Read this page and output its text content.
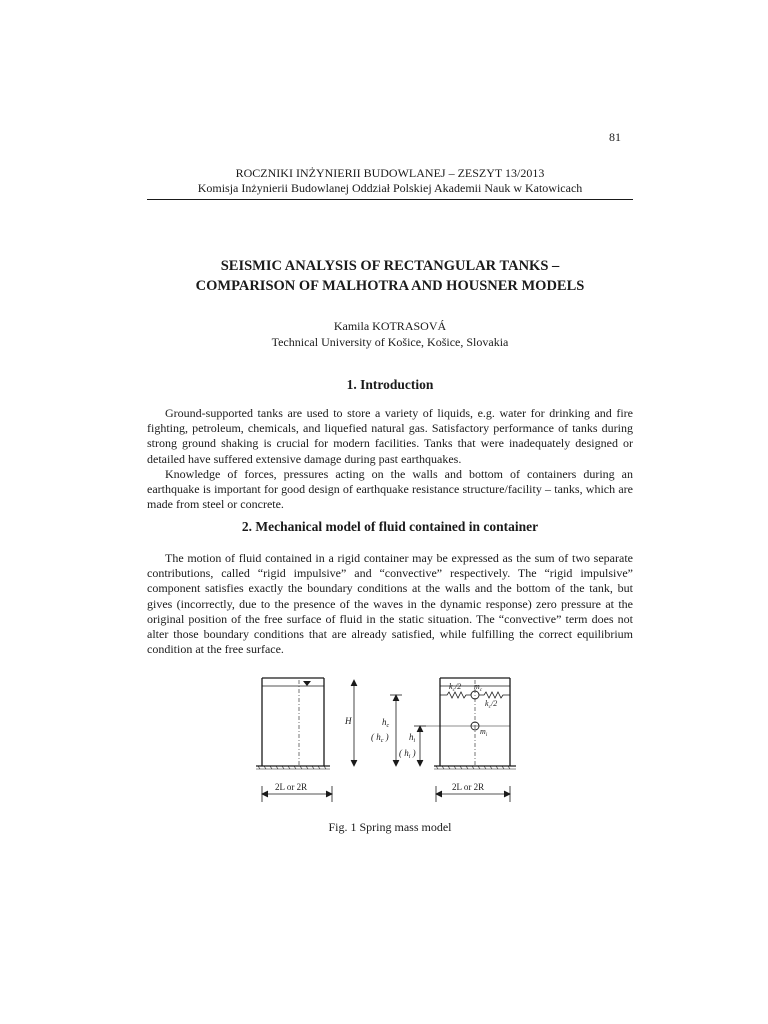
81
ROCZNIKI INŻYNIERII BUDOWLANEJ – ZESZYT 13/2013
Komisja Inżynierii Budowlanej Oddział Polskiej Akademii Nauk w Katowicach
SEISMIC ANALYSIS OF RECTANGULAR TANKS –
COMPARISON OF MALHOTRA AND HOUSNER MODELS
Kamila KOTRASOVÁ
Technical University of Košice, Košice, Slovakia
1. Introduction

Ground-supported tanks are used to store a variety of liquids, e.g. water for drinking and fire fighting, petroleum, chemicals, and liquefied natural gas. Satisfactory performance of tanks during strong ground shaking is crucial for modern facilities. Tanks that were inadequately designed or detailed have suffered extensive damage during past earthquakes.

Knowledge of forces, pressures acting on the walls and bottom of containers during an earthquake is important for good design of earthquake resistance structure/facility – tanks, which are made from steel or concrete.

2. Mechanical model of fluid contained in container

The motion of fluid contained in a rigid container may be expressed as the sum of two separate contributions, called “rigid impulsive” and “convective” respectively. The “rigid impulsive” component satisfies exactly the boundary conditions at the walls and the bottom of the tank, but gives (incorrectly, due to the presence of the waves in the dynamic response) zero pressure at the original position of the free surface of fluid in the static situation. The “convective” term does not alter those boundary conditions that are already satisfied, while fulfilling the correct equilibrium condition at the free surface.

H	$h_c$
( $h_c$ ) $h_i$
( $h_i$ )
$k_c/2$ $m_c$
$k_c/2$
$m_i$
2L or 2R	2L or 2R
Fig. 1 Spring mass model
